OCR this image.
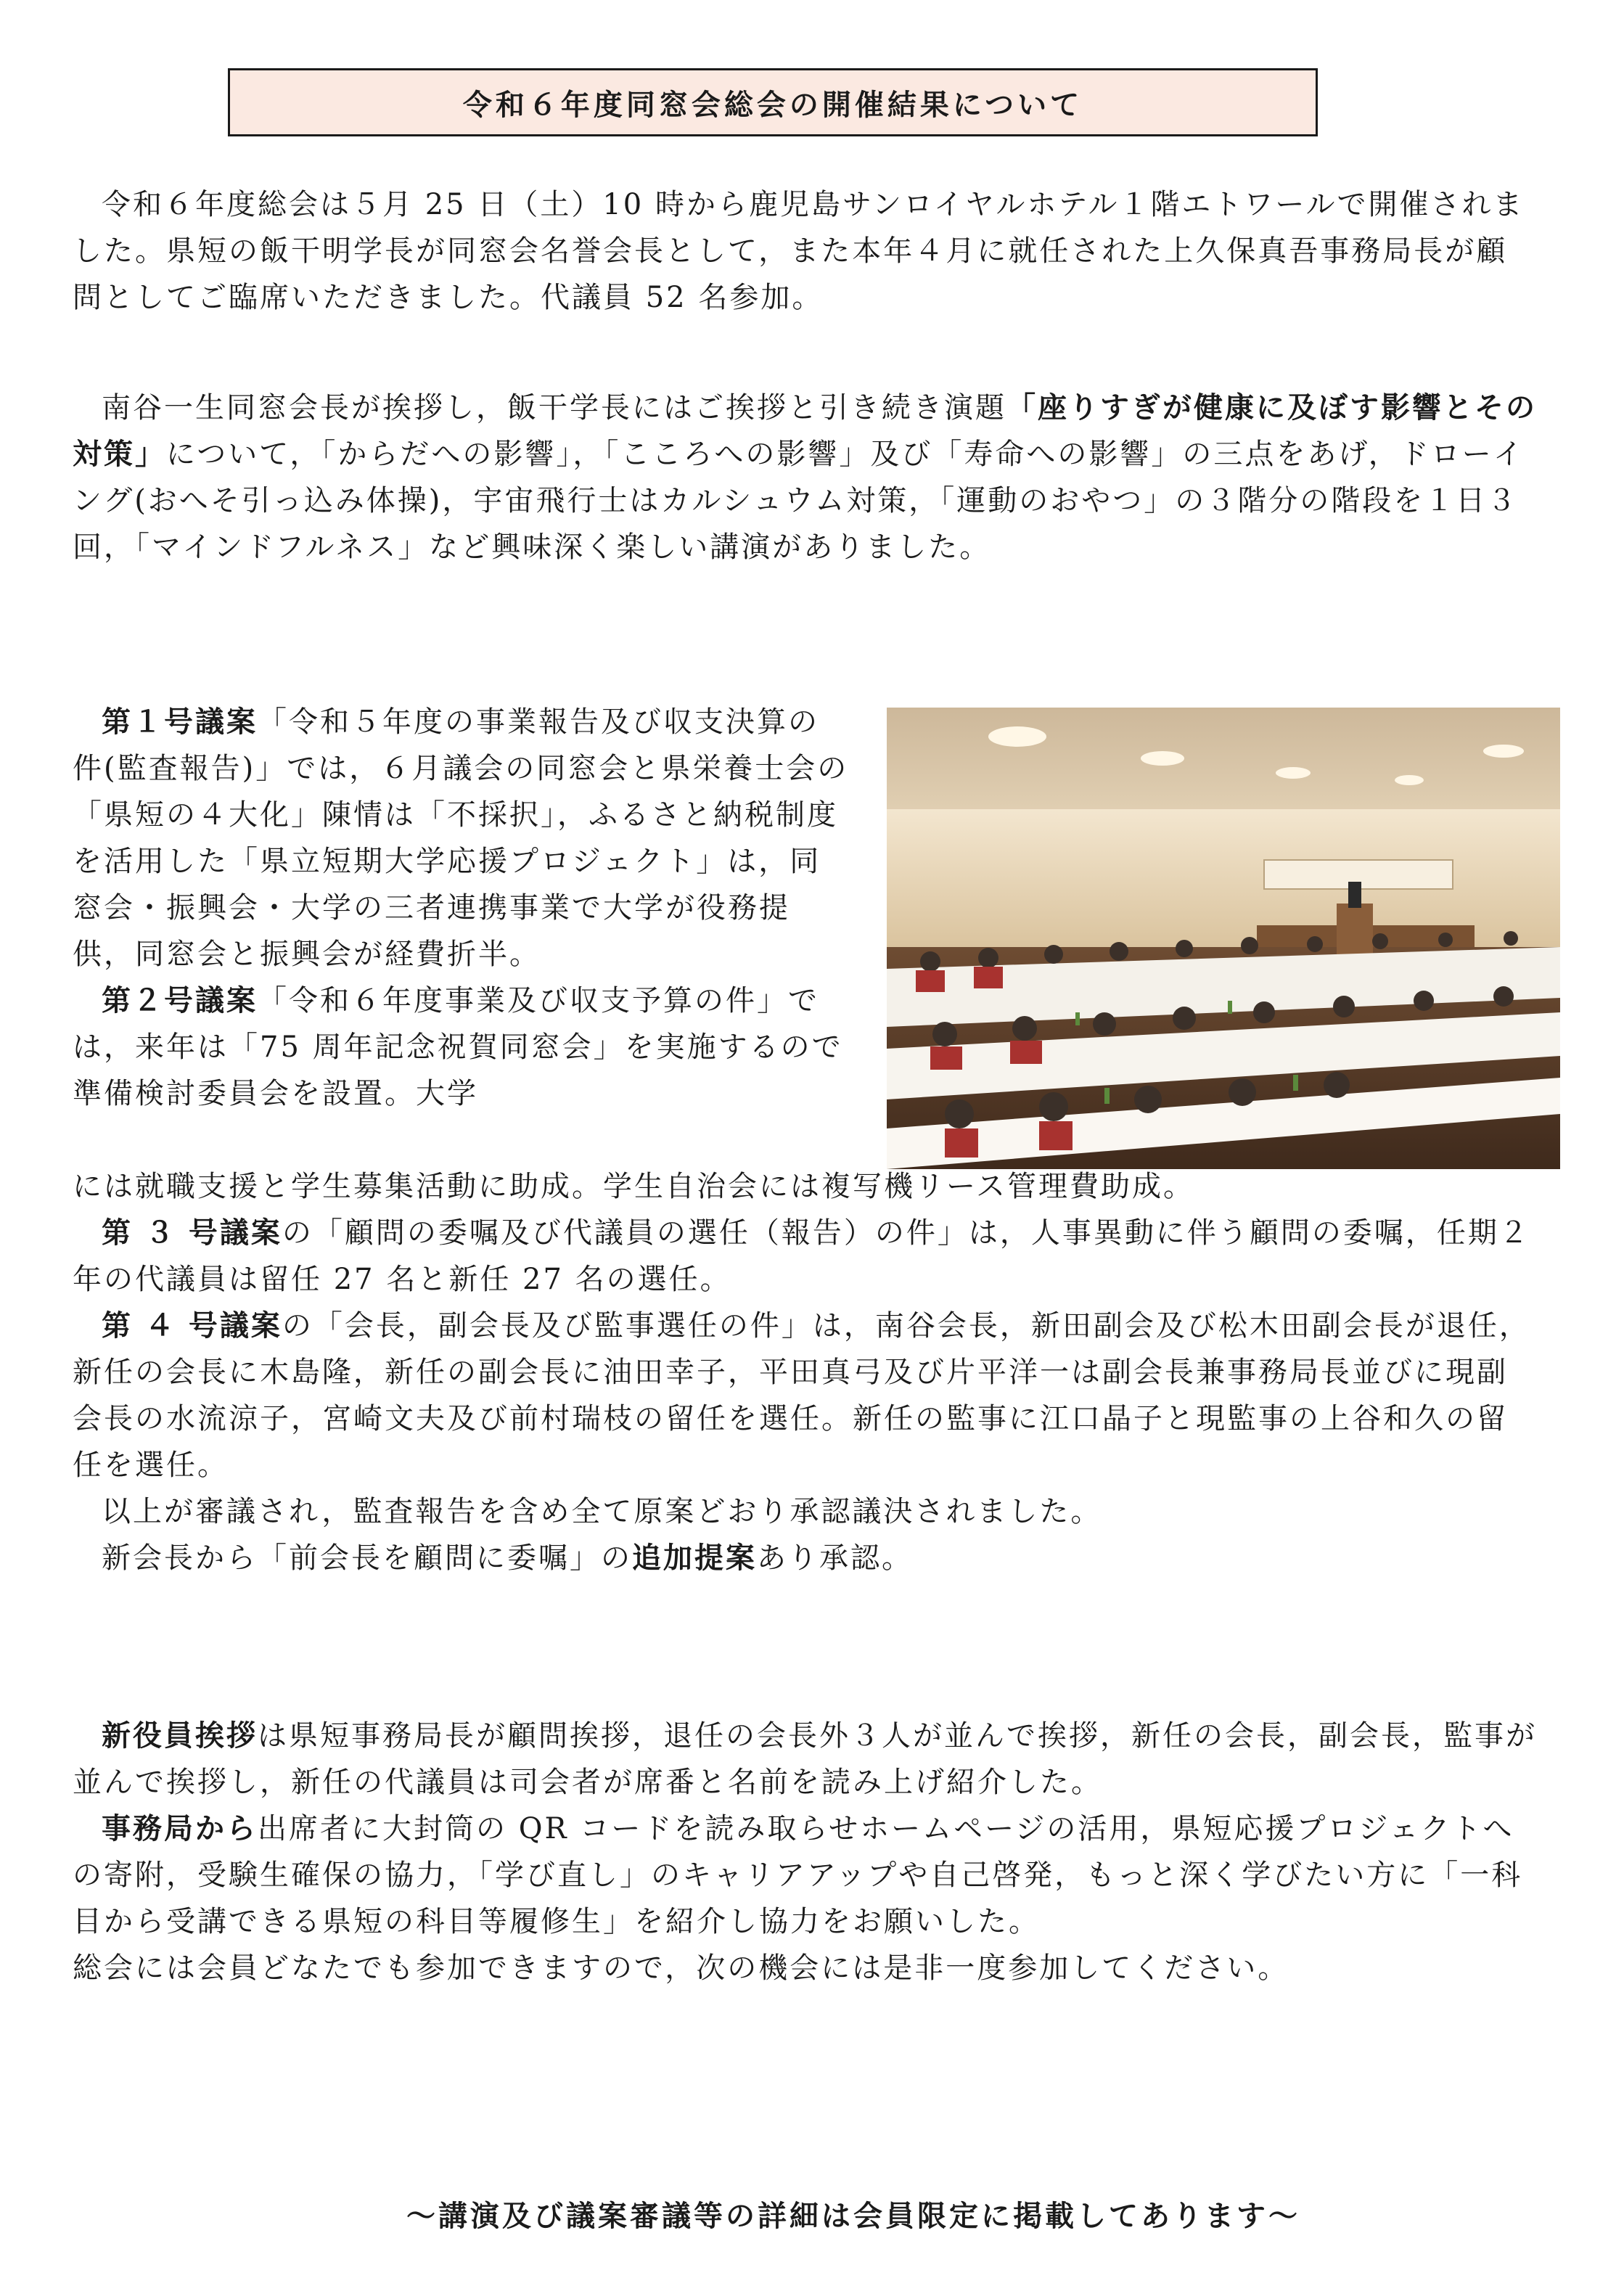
令和６年度同窓会総会の開催結果について

令和６年度総会は５月 25 日（土）10 時から鹿児島サンロイヤルホテル１階エトワールで開催されました。県短の飯干明学長が同窓会名誉会長として，また本年４月に就任された上久保真吾事務局長が顧問としてご臨席いただきました。代議員 52 名参加。

南谷一生同窓会長が挨拶し，飯干学長にはご挨拶と引き続き演題「座りすぎが健康に及ぼす影響とその対策」について，「からだへの影響」，「こころへの影響」及び「寿命への影響」の三点をあげ，ドローイング(おへそ引っ込み体操)，宇宙飛行士はカルシュウム対策，「運動のおやつ」の３階分の階段を１日３回，「マインドフルネス」など興味深く楽しい講演がありました。

第１号議案「令和５年度の事業報告及び収支決算の件(監査報告)」では，６月議会の同窓会と県栄養士会の「県短の４大化」陳情は「不採択」，ふるさと納税制度を活用した「県立短期大学応援プロジェクト」は，同窓会・振興会・大学の三者連携事業で大学が役務提供，同窓会と振興会が経費折半。

第２号議案「令和６年度事業及び収支予算の件」では，来年は「75 周年記念祝賀同窓会」を実施するので準備検討委員会を設置。大学

には就職支援と学生募集活動に助成。学生自治会には複写機リース管理費助成。

第 ３ 号議案の「顧問の委嘱及び代議員の選任（報告）の件」は，人事異動に伴う顧問の委嘱，任期２年の代議員は留任 27 名と新任 27 名の選任。

第 ４ 号議案の「会長，副会長及び監事選任の件」は，南谷会長，新田副会及び松木田副会長が退任，新任の会長に木島隆，新任の副会長に油田幸子，平田真弓及び片平洋一は副会長兼事務局長並びに現副会長の水流涼子，宮崎文夫及び前村瑞枝の留任を選任。新任の監事に江口晶子と現監事の上谷和久の留任を選任。

以上が審議され，監査報告を含め全て原案どおり承認議決されました。

新会長から「前会長を顧問に委嘱」の追加提案あり承認。

新役員挨拶は県短事務局長が顧問挨拶，退任の会長外３人が並んで挨拶，新任の会長，副会長，監事が並んで挨拶し，新任の代議員は司会者が席番と名前を読み上げ紹介した。

事務局から出席者に大封筒の QR コードを読み取らせホームページの活用，県短応援プロジェクトへの寄附，受験生確保の協力，「学び直し」のキャリアアップや自己啓発，もっと深く学びたい方に「一科目から受講できる県短の科目等履修生」を紹介し協力をお願いした。

総会には会員どなたでも参加できますので，次の機会には是非一度参加してください。

～講演及び議案審議等の詳細は会員限定に掲載してあります～
